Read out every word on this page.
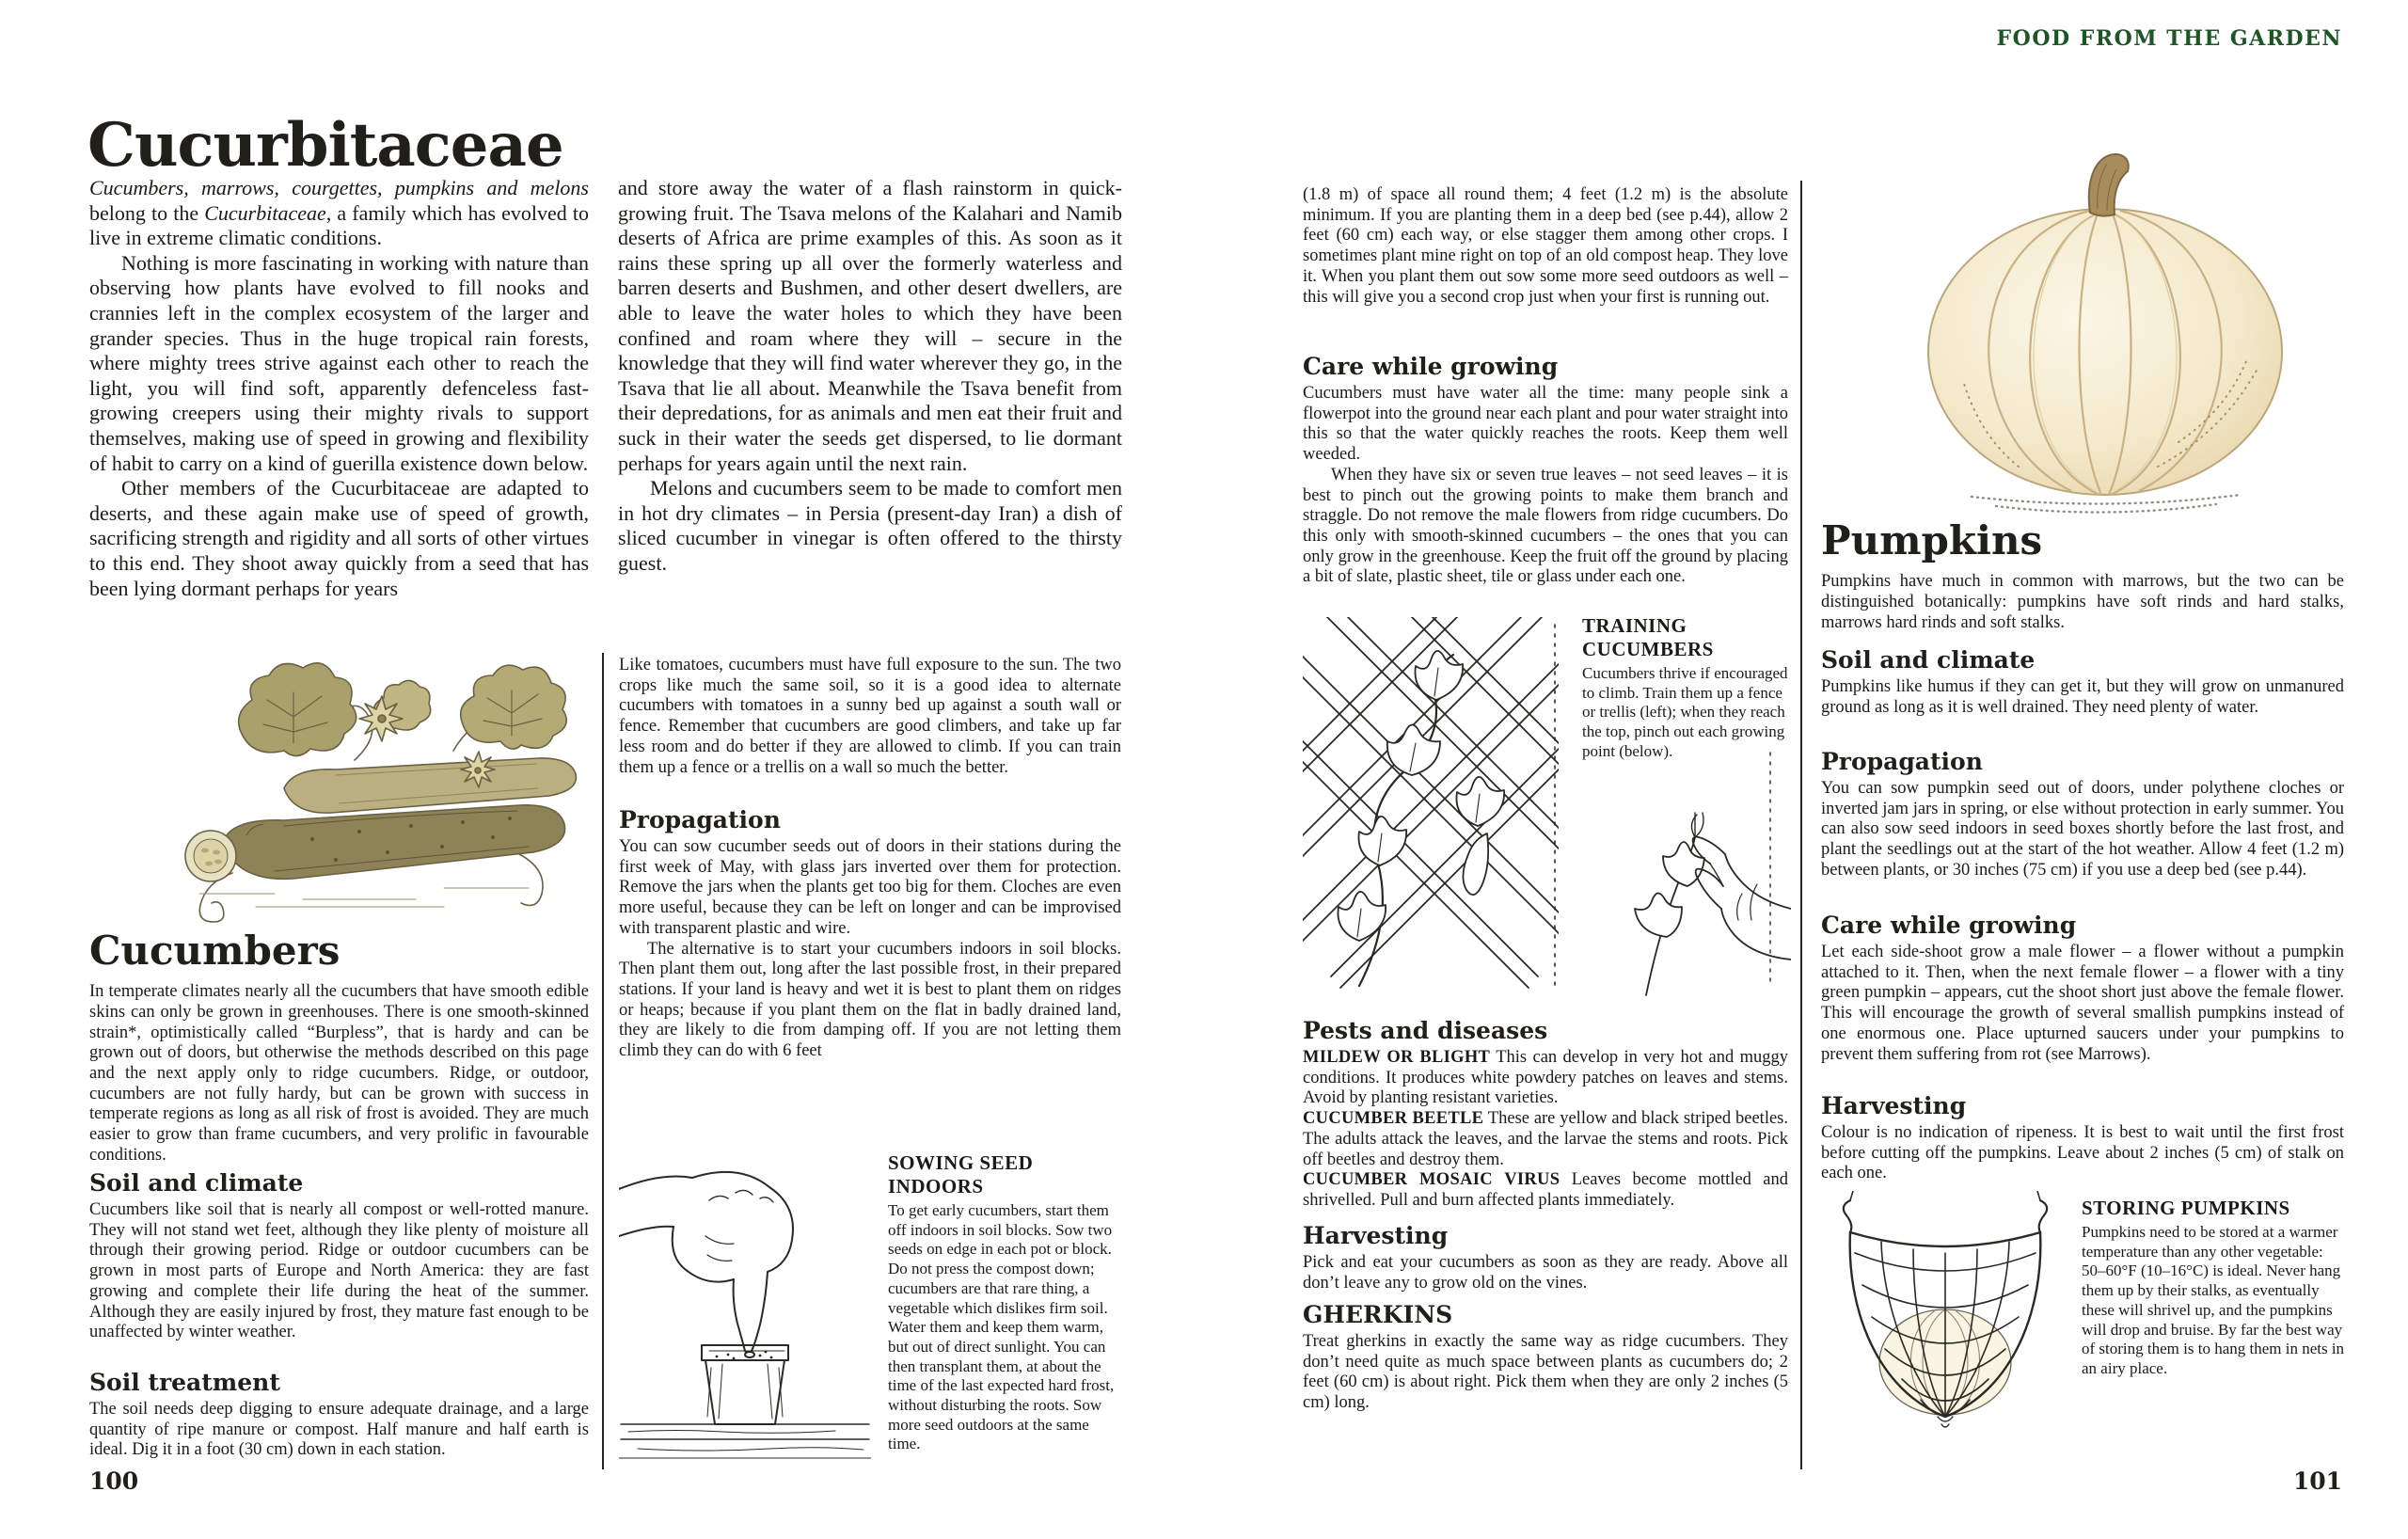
Cucurbitaceae

Cucumbers, marrows, courgettes, pumpkins and melons belong to the Cucurbitaceae, a family which has evolved to live in extreme climatic conditions.

Nothing is more fascinating in working with nature than observing how plants have evolved to fill nooks and crannies left in the complex ecosystem of the larger and grander species. Thus in the huge tropical rain forests, where mighty trees strive against each other to reach the light, you will find soft, apparently defenceless fast-growing creepers using their mighty rivals to support themselves, making use of speed in growing and flexibility of habit to carry on a kind of guerilla existence down below.

Other members of the Cucurbitaceae are adapted to deserts, and these again make use of speed of growth, sacrificing strength and rigidity and all sorts of other virtues to this end. They shoot away quickly from a seed that has been lying dormant perhaps for years

and store away the water of a flash rainstorm in quick-growing fruit. The Tsava melons of the Kalahari and Namib deserts of Africa are prime examples of this. As soon as it rains these spring up all over the formerly waterless and barren deserts and Bushmen, and other desert dwellers, are able to leave the water holes to which they have been confined and roam where they will – secure in the knowledge that they will find water wherever they go, in the Tsava that lie all about. Meanwhile the Tsava benefit from their depredations, for as animals and men eat their fruit and suck in their water the seeds get dispersed, to lie dormant perhaps for years again until the next rain.

Melons and cucumbers seem to be made to comfort men in hot dry climates – in Persia (present-day Iran) a dish of sliced cucumber in vinegar is often offered to the thirsty guest.

Cucumbers

In temperate climates nearly all the cucumbers that have smooth edible skins can only be grown in greenhouses. There is one smooth-skinned strain*, optimistically called “Burpless”, that is hardy and can be grown out of doors, but otherwise the methods described on this page and the next apply only to ridge cucumbers. Ridge, or outdoor, cucumbers are not fully hardy, but can be grown with success in temperate regions as long as all risk of frost is avoided. They are much easier to grow than frame cucumbers, and very prolific in favourable conditions.

Soil and climate

Cucumbers like soil that is nearly all compost or well-rotted manure. They will not stand wet feet, although they like plenty of moisture all through their growing period. Ridge or outdoor cucumbers can be grown in most parts of Europe and North America: they are fast growing and complete their life during the heat of the summer. Although they are easily injured by frost, they mature fast enough to be unaffected by winter weather.

Soil treatment

The soil needs deep digging to ensure adequate drainage, and a large quantity of ripe manure or compost. Half manure and half earth is ideal. Dig it in a foot (30 cm) down in each station.

Like tomatoes, cucumbers must have full exposure to the sun. The two crops like much the same soil, so it is a good idea to alternate cucumbers with tomatoes in a sunny bed up against a south wall or fence. Remember that cucumbers are good climbers, and take up far less room and do better if they are allowed to climb. If you can train them up a fence or a trellis on a wall so much the better.

Propagation

You can sow cucumber seeds out of doors in their stations during the first week of May, with glass jars inverted over them for protection. Remove the jars when the plants get too big for them. Cloches are even more useful, because they can be left on longer and can be improvised with transparent plastic and wire.

The alternative is to start your cucumbers indoors in soil blocks. Then plant them out, long after the last possible frost, in their prepared stations. If your land is heavy and wet it is best to plant them on ridges or heaps; because if you plant them on the flat in badly drained land, they are likely to die from damping off. If you are not letting them climb they can do with 6 feet

SOWING SEED INDOORS

To get early cucumbers, start them off indoors in soil blocks. Sow two seeds on edge in each pot or block. Do not press the compost down; cucumbers are that rare thing, a vegetable which dislikes firm soil. Water them and keep them warm, but out of direct sunlight. You can then transplant them, at about the time of the last expected hard frost, without disturbing the roots. Sow more seed outdoors at the same time.

100
FOOD FROM THE GARDEN

(1.8 m) of space all round them; 4 feet (1.2 m) is the absolute minimum. If you are planting them in a deep bed (see p.44), allow 2 feet (60 cm) each way, or else stagger them among other crops. I sometimes plant mine right on top of an old compost heap. They love it. When you plant them out sow some more seed outdoors as well – this will give you a second crop just when your first is running out.

Care while growing

Cucumbers must have water all the time: many people sink a flowerpot into the ground near each plant and pour water straight into this so that the water quickly reaches the roots. Keep them well weeded.

When they have six or seven true leaves – not seed leaves – it is best to pinch out the growing points to make them branch and straggle. Do not remove the male flowers from ridge cucumbers. Do this only with smooth-skinned cucumbers – the ones that you can only grow in the greenhouse. Keep the fruit off the ground by placing a bit of slate, plastic sheet, tile or glass under each one.

TRAINING CUCUMBERS

Cucumbers thrive if encouraged to climb. Train them up a fence or trellis (left); when they reach the top, pinch out each growing point (below).

Pests and diseases

MILDEW OR BLIGHT This can develop in very hot and muggy conditions. It produces white powdery patches on leaves and stems. Avoid by planting resistant varieties.

CUCUMBER BEETLE These are yellow and black striped beetles. The adults attack the leaves, and the larvae the stems and roots. Pick off beetles and destroy them.

CUCUMBER MOSAIC VIRUS Leaves become mottled and shrivelled. Pull and burn affected plants immediately.

Harvesting

Pick and eat your cucumbers as soon as they are ready. Above all don’t leave any to grow old on the vines.

GHERKINS

Treat gherkins in exactly the same way as ridge cucumbers. They don’t need quite as much space between plants as cucumbers do; 2 feet (60 cm) is about right. Pick them when they are only 2 inches (5 cm) long.

Pumpkins

Pumpkins have much in common with marrows, but the two can be distinguished botanically: pumpkins have soft rinds and hard stalks, marrows hard rinds and soft stalks.

Soil and climate

Pumpkins like humus if they can get it, but they will grow on unmanured ground as long as it is well drained. They need plenty of water.

Propagation

You can sow pumpkin seed out of doors, under polythene cloches or inverted jam jars in spring, or else without protection in early summer. You can also sow seed indoors in seed boxes shortly before the last frost, and plant the seedlings out at the start of the hot weather. Allow 4 feet (1.2 m) between plants, or 30 inches (75 cm) if you use a deep bed (see p.44).

Care while growing

Let each side-shoot grow a male flower – a flower without a pumpkin attached to it. Then, when the next female flower – a flower with a tiny green pumpkin – appears, cut the shoot short just above the female flower. This will encourage the growth of several smallish pumpkins instead of one enormous one. Place upturned saucers under your pumpkins to prevent them suffering from rot (see Marrows).

Harvesting

Colour is no indication of ripeness. It is best to wait until the first frost before cutting off the pumpkins. Leave about 2 inches (5 cm) of stalk on each one.

STORING PUMPKINS

Pumpkins need to be stored at a warmer temperature than any other vegetable: 50–60°F (10–16°C) is ideal. Never hang them up by their stalks, as eventually these will shrivel up, and the pumpkins will drop and bruise. By far the best way of storing them is to hang them in nets in an airy place.

101
